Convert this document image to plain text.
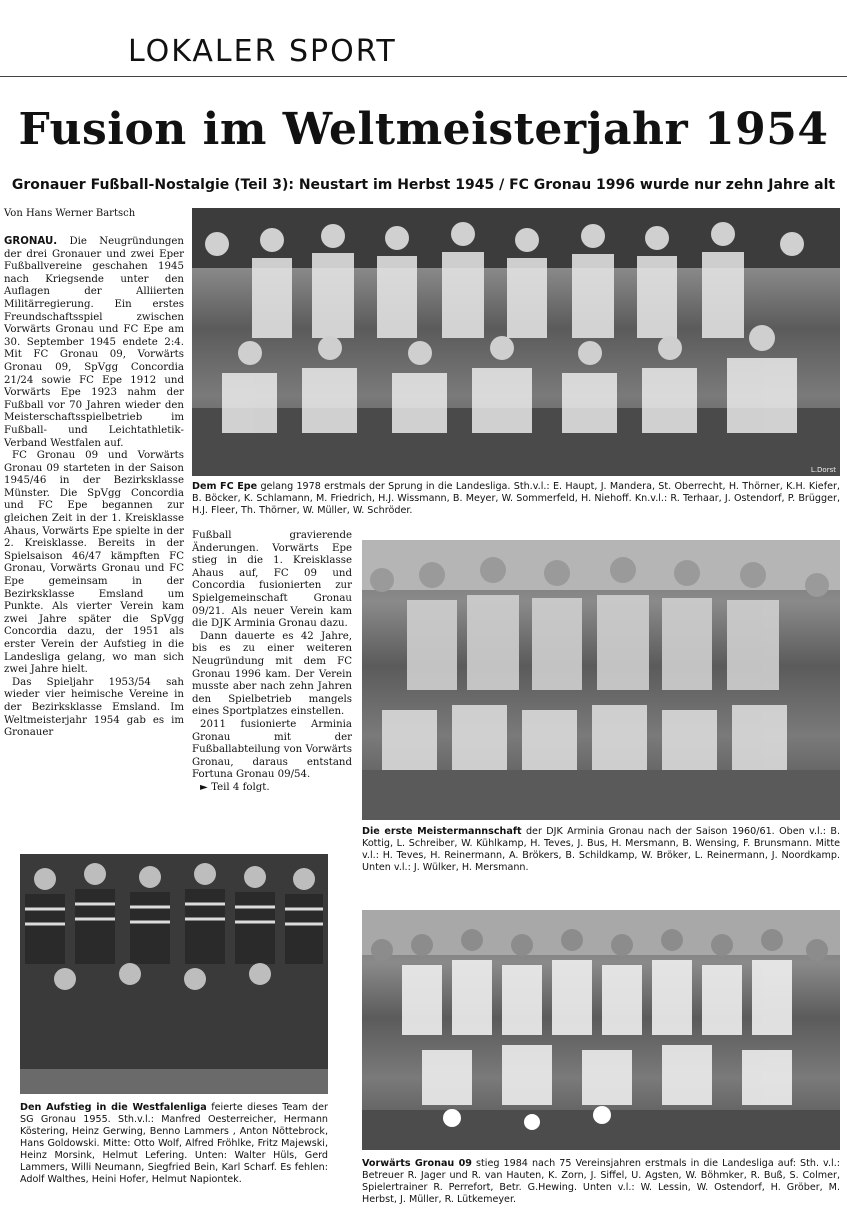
LOKALER SPORT
Fusion im Weltmeisterjahr 1954
Gronauer Fußball-Nostalgie (Teil 3): Neustart im Herbst 1945 / FC Gronau 1996 wurde nur zehn Jahre alt
Von Hans Werner Bartsch

GRONAU. Die Neugründungen der drei Gronauer und zwei Eper Fußballvereine geschahen 1945 nach Kriegsende unter den Auflagen der Alliierten Militärregierung. Ein erstes Freundschaftsspiel zwischen Vorwärts Gronau und FC Epe am 30. September 1945 endete 2:4. Mit FC Gronau 09, Vorwärts Gronau 09, SpVgg Concordia 21/24 sowie FC Epe 1912 und Vorwärts Epe 1923 nahm der Fußball vor 70 Jahren wieder den Meisterschaftsspielbetrieb im Fußball- und Leichtathletik-Verband Westfalen auf.

FC Gronau 09 und Vorwärts Gronau 09 starteten in der Saison 1945/46 in der Bezirksklasse Münster. Die SpVgg Concordia und FC Epe begannen zur gleichen Zeit in der 1. Kreisklasse Ahaus, Vorwärts Epe spielte in der 2. Kreisklasse. Bereits in der Spielsaison 46/47 kämpften FC Gronau, Vorwärts Gronau und FC Epe gemeinsam in der Bezirksklasse Emsland um Punkte. Als vierter Verein kam zwei Jahre später die SpVgg Concordia dazu, der 1951 als erster Verein der Aufstieg in die Landesliga gelang, wo man sich zwei Jahre hielt.

Das Spieljahr 1953/54 sah wieder vier heimische Vereine in der Bezirksklasse Emsland. Im Weltmeisterjahr 1954 gab es im Gronauer

Fußball gravierende Änderungen. Vorwärts Epe stieg in die 1. Kreisklasse Ahaus auf, FC 09 und Concordia fusionierten zur Spielgemeinschaft Gronau 09/21. Als neuer Verein kam die DJK Arminia Gronau dazu.

Dann dauerte es 42 Jahre, bis es zu einer weiteren Neugründung mit dem FC Gronau 1996 kam. Der Verein musste aber nach zehn Jahren den Spielbetrieb mangels eines Sportplatzes einstellen.

2011 fusionierte Arminia Gronau mit der Fußballabteilung von Vorwärts Gronau, daraus entstand Fortuna Gronau 09/54.

► Teil 4 folgt.

L.Dorst
Dem FC Epe gelang 1978 erstmals der Sprung in die Landesliga. Sth.v.l.: E. Haupt, J. Mandera, St. Oberrecht, H. Thörner, K.H. Kiefer, B. Böcker, K. Schlamann, M. Friedrich, H.J. Wissmann, B. Meyer, W. Sommerfeld, H. Niehoff. Kn.v.l.: R. Terhaar, J. Ostendorf, P. Brügger, H.J. Fleer, Th. Thörner, W. Müller, W. Schröder.
Die erste Meistermannschaft der DJK Arminia Gronau nach der Saison 1960/61. Oben v.l.: B. Kottig, L. Schreiber, W. Kühlkamp, H. Teves, J. Bus, H. Mersmann, B. Wensing, F. Brunsmann. Mitte v.l.: H. Teves, H. Reinermann, A. Brökers, B. Schildkamp, W. Bröker, L. Reinermann, J. Noordkamp. Unten v.l.: J. Wülker, H. Mersmann.
Den Aufstieg in die Westfalenliga feierte dieses Team der SG Gronau 1955. Sth.v.l.: Manfred Oesterreicher, Hermann Köstering, Heinz Gerwing, Benno Lammers , Anton Nöttebrock, Hans Goldowski. Mitte: Otto Wolf, Alfred Fröhlke, Fritz Majewski, Heinz Morsink, Helmut Lefering. Unten: Walter Hüls, Gerd Lammers, Willi Neumann, Siegfried Bein, Karl Scharf. Es fehlen: Adolf Walthes, Heini Hofer, Helmut Napiontek.
Vorwärts Gronau 09 stieg 1984 nach 75 Vereinsjahren erstmals in die Landesliga auf: Sth. v.l.: Betreuer R. Jager und R. van Hauten, K. Zorn, J. Siffel, U. Agsten, W. Böhmker, R. Buß, S. Colmer, Spielertrainer R. Perrefort, Betr. G.Hewing. Unten v.l.: W. Lessin, W. Ostendorf, H. Gröber, M. Herbst, J. Müller, R. Lütkemeyer.
